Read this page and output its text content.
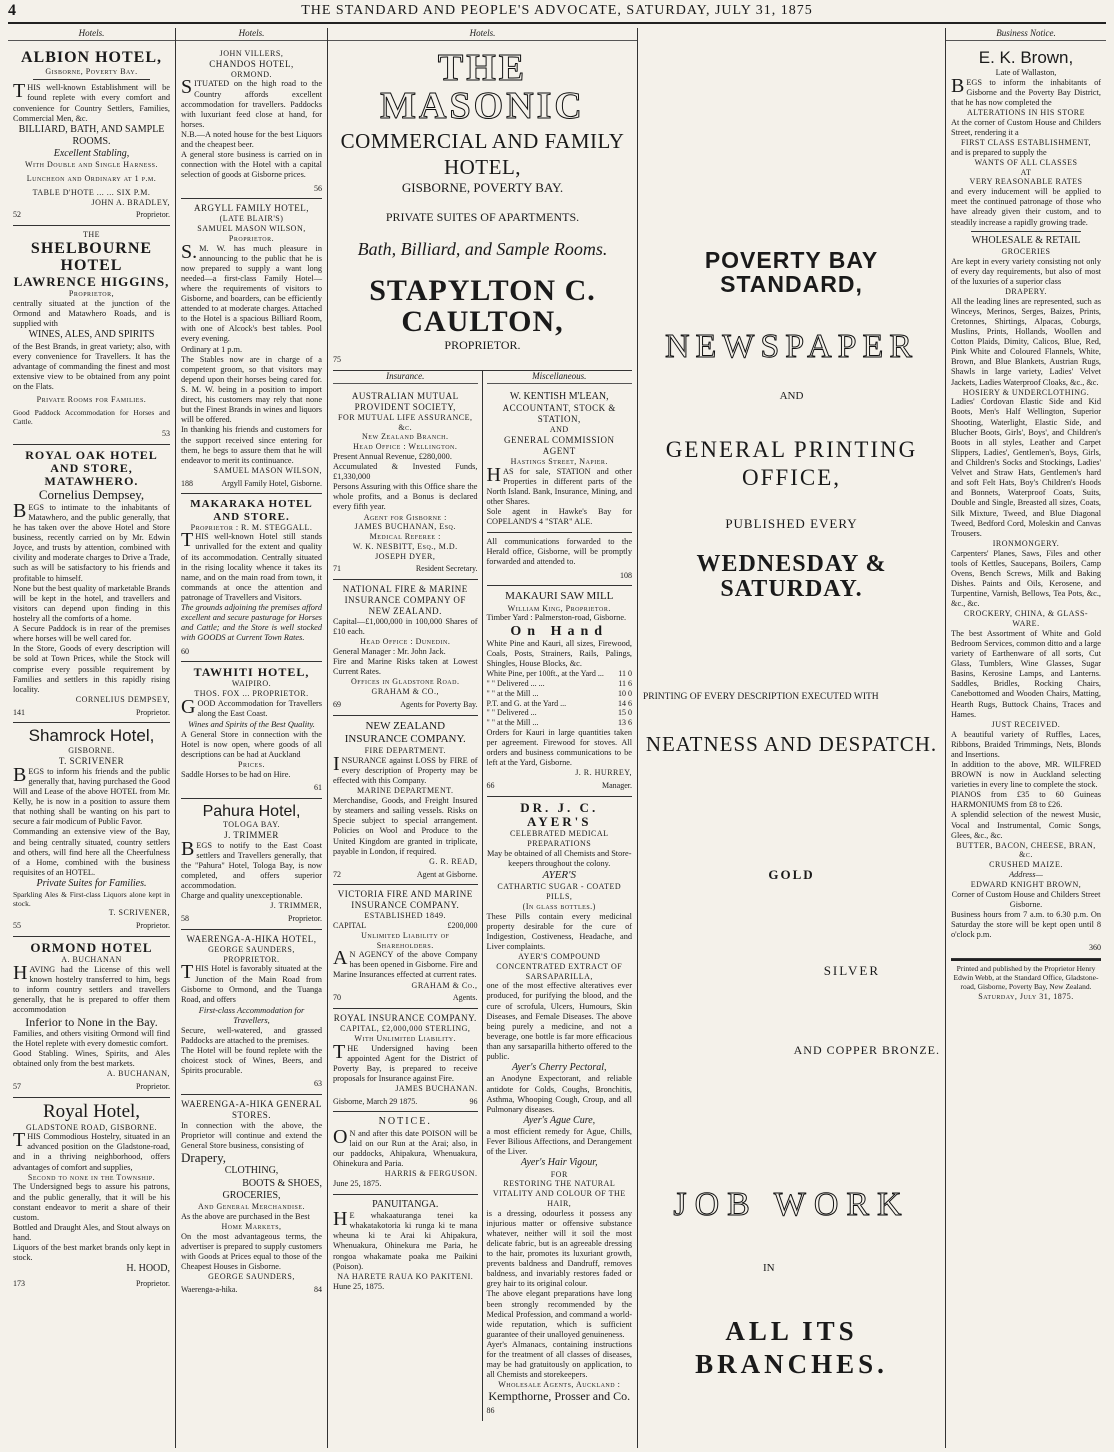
4	THE STANDARD AND PEOPLE'S ADVOCATE, SATURDAY, JULY 31, 1875
Hotels.
ALBION HOTEL,
Gisborne, Poverty Bay.
THIS well-known Establishment will be found replete with every comfort and convenience for Country Settlers, Families, Commercial Men, &c.
BILLIARD, BATH, AND SAMPLE ROOMS.
Excellent Stabling,
With Double and Single Harness.
Luncheon and Ordinary at 1 p.m.
TABLE D'HOTE ... ... SIX P.M.
JOHN A. BRADLEY,
52	Proprietor.
THE
SHELBOURNE HOTEL
LAWRENCE HIGGINS,
Proprietor,
centrally situated at the junction of the Ormond and Matawhero Roads, and is supplied with
WINES, ALES, AND SPIRITS
of the Best Brands, in great variety; also, with every convenience for Travellers. It has the advantage of commanding the finest and most extensive view to be obtained from any point on the Flats.
Private Rooms for Families.
Good Paddock Accommodation for Horses and Cattle.
53
ROYAL OAK HOTEL AND STORE, MATAWHERO.
Cornelius Dempsey,
BEGS to intimate to the inhabitants of Matawhero, and the public generally, that he has taken over the above Hotel and Store business, recently carried on by Mr. Edwin Joyce, and trusts by attention, combined with civility and moderate charges to Drive a Trade, such as will be satisfactory to his friends and profitable to himself.
None but the best quality of marketable Brands will be kept in the hotel, and travellers and visitors can depend upon finding in this hostelry all the comforts of a home.
A Secure Paddock is in rear of the premises where horses will be well cared for.
In the Store, Goods of every description will be sold at Town Prices, while the Stock will comprise every possible requirement by Families and settlers in this rapidly rising locality.
CORNELIUS DEMPSEY,
141	Proprietor.
Shamrock Hotel,
GISBORNE.
T. SCRIVENER
BEGS to inform his friends and the public generally that, having purchased the Good Will and Lease of the above HOTEL from Mr. Kelly, he is now in a position to assure them that nothing shall be wanting on his part to secure a fair modicum of Public Favor.
Commanding an extensive view of the Bay, and being centrally situated, country settlers and others, will find here all the Cheerfulness of a Home, combined with the business requisites of an HOTEL.
Private Suites for Families.
Sparkling Ales & First-class Liquors alone kept in stock.
T. SCRIVENER,
55	Proprietor.
ORMOND HOTEL
A. BUCHANAN
HAVING had the License of this well known hostelry transferred to him, begs to inform country settlers and travellers generally, that he is prepared to offer them accommodation
Inferior to None in the Bay.
Families, and others visiting Ormond will find the Hotel replete with every domestic comfort.
Good Stabling. Wines, Spirits, and Ales obtained only from the best markets.
A. BUCHANAN,
57	Proprietor.
Royal Hotel,
GLADSTONE ROAD, GISBORNE.
THIS Commodious Hostelry, situated in an advanced position on the Gladstone-road, and in a thriving neighborhood, offers advantages of comfort and supplies,
Second to none in the Township.
The Undersigned begs to assure his patrons, and the public generally, that it will be his constant endeavor to merit a share of their custom.
Bottled and Draught Ales, and Stout always on hand.
Liquors of the best market brands only kept in stock.
H. HOOD,
173	Proprietor.
Hotels.
JOHN VILLERS,
CHANDOS HOTEL,
ORMOND.
SITUATED on the high road to the Country affords excellent accommodation for travellers. Paddocks with luxuriant feed close at hand, for horses.
N.B.—A noted house for the best Liquors and the cheapest beer.
A general store business is carried on in connection with the Hotel with a capital selection of goods at Gisborne prices.
56
ARGYLL FAMILY HOTEL,
(LATE BLAIR'S)
SAMUEL MASON WILSON,
Proprietor.
S.M. W. has much pleasure in announcing to the public that he is now prepared to supply a want long needed—a first-class Family Hotel—where the requirements of visitors to Gisborne, and boarders, can be efficiently attended to at moderate charges. Attached to the Hotel is a spacious Billiard Room, with one of Alcock's best tables. Pool every evening.
Ordinary at 1 p.m.
The Stables now are in charge of a competent groom, so that visitors may depend upon their horses being cared for. S. M. W. being in a position to import direct, his customers may rely that none but the Finest Brands in wines and liquors will be offered.
In thanking his friends and customers for the support received since entering for them, he begs to assure them that he will endeavor to merit its continuance.
SAMUEL MASON WILSON,
188	Argyll Family Hotel, Gisborne.
MAKARAKA HOTEL AND STORE.
Proprietor : R. M. STEGGALL.
THIS well-known Hotel still stands unrivalled for the extent and quality of its accommodation. Centrally situated in the rising locality whence it takes its name, and on the main road from town, it commands at once the attention and patronage of Travellers and Visitors.
The grounds adjoining the premises afford excellent and secure pasturage for Horses and Cattle; and the Store is well stocked with GOODS at Current Town Rates.
60
TAWHITI HOTEL,
WAIPIRO.
THOS. FOX ... PROPRIETOR.
GOOD Accommodation for Travellers along the East Coast.
Wines and Spirits of the Best Quality.
A General Store in connection with the Hotel is now open, where goods of all descriptions can be had at Auckland
Prices.
Saddle Horses to be had on Hire.
61
Pahura Hotel,
TOLOGA BAY.
J. TRIMMER
BEGS to notify to the East Coast settlers and Travellers generally, that the "Pahura" Hotel, Tologa Bay, is now completed, and offers superior accommodation.
Charge and quality unexceptionable.
J. TRIMMER,
58	Proprietor.
WAERENGA-A-HIKA HOTEL,
GEORGE SAUNDERS, PROPRIETOR.
THIS Hotel is favorably situated at the Junction of the Main Road from Gisborne to Ormond, and the Tuanga Road, and offers
First-class Accommodation for Travellers,
Secure, well-watered, and grassed Paddocks are attached to the premises.
The Hotel will be found replete with the choicest stock of Wines, Beers, and Spirits procurable.
63
WAERENGA-A-HIKA GENERAL STORES.
In connection with the above, the Proprietor will continue and extend the General Store business, consisting of
Drapery,
CLOTHING,
BOOTS & SHOES,
GROCERIES,
And General Merchandise.
As the above are purchased in the Best
Home Markets,
On the most advantageous terms, the advertiser is prepared to supply customers with Goods at Prices equal to those of the Cheapest Houses in Gisborne.
GEORGE SAUNDERS,
Waerenga-a-hika.	84
Hotels.
THE MASONIC
COMMERCIAL AND FAMILY HOTEL,
GISBORNE, POVERTY BAY.
PRIVATE SUITES OF APARTMENTS.
Bath, Billiard, and Sample Rooms.
STAPYLTON C. CAULTON,
PROPRIETOR.
75
Insurance.
AUSTRALIAN MUTUAL PROVIDENT SOCIETY,
FOR MUTUAL LIFE ASSURANCE, &c.
New Zealand Branch.
Head Office : Wellington.
Present Annual Revenue, £280,000.
Accumulated & Invested Funds, £1,330,000
Persons Assuring with this Office share the whole profits, and a Bonus is declared every fifth year.
Agent for Gisborne :
JAMES BUCHANAN, Esq.
Medical Referee :
W. K. NESBITT, Esq., M.D.
JOSEPH DYER,
71	Resident Secretary.
NATIONAL FIRE & MARINE INSURANCE COMPANY OF NEW ZEALAND.
Capital—£1,000,000 in 100,000 Shares of £10 each.
Head Office : Dunedin.
General Manager : Mr. John Jack.
Fire and Marine Risks taken at Lowest Current Rates.
Offices in Gladstone Road.
GRAHAM & CO.,
69	Agents for Poverty Bay.
NEW ZEALAND INSURANCE COMPANY.
FIRE DEPARTMENT.
INSURANCE against LOSS by FIRE of every description of Property may be effected with this Company.
MARINE DEPARTMENT.
Merchandise, Goods, and Freight Insured by steamers and sailing vessels. Risks on Specie subject to special arrangement. Policies on Wool and Produce to the United Kingdom are granted in triplicate, payable in London, if required.
G. R. READ,
72	Agent at Gisborne.
VICTORIA FIRE AND MARINE INSURANCE COMPANY.
ESTABLISHED 1849.
CAPITAL	£200,000
Unlimited Liability of Shareholders.
AN AGENCY of the above Company has been opened in Gisborne. Fire and Marine Insurances effected at current rates.
GRAHAM & Co.,
70	Agents.
ROYAL INSURANCE COMPANY.
CAPITAL, £2,000,000 STERLING,
With Unlimited Liability.
THE Undersigned having been appointed Agent for the District of Poverty Bay, is prepared to receive proposals for Insurance against Fire.
JAMES BUCHANAN.
Gisborne, March 29 1875.	96
NOTICE.
ON and after this date POISON will be laid on our Run at the Arai; also, in our paddocks, Ahipakura, Whenuakura, Ohinekura and Paria.
HARRIS & FERGUSON.
June 25, 1875.
PANUITANGA.
HE whakaaturanga tenei ka whakatakotoria ki runga ki te mana wheuna ki te Arai ki Ahipakura, Whenuakura, Ohinekura me Paria, he rongoa whakamate poaka me Paikini (Poison).
NA HARETE RAUA KO PAKITENI.
Hune 25, 1875.
Miscellaneous.
W. KENTISH M'LEAN,
ACCOUNTANT, STOCK & STATION,
AND
GENERAL COMMISSION AGENT
Hastings Street, Napier.
HAS for sale, STATION and other Properties in different parts of the North Island. Bank, Insurance, Mining, and other Shares.
Sole agent in Hawke's Bay for COPELAND'S 4 "STAR" ALE.
All communications forwarded to the Herald office, Gisborne, will be promptly forwarded and attended to.
108
MAKAURI SAW MILL
William King, Proprietor.
Timber Yard : Palmerston-road, Gisborne.
On Hand
White Pine and Kauri, all sizes, Firewood, Coals, Posts, Strainers, Rails, Palings, Shingles, House Blocks, &c.
White Pine, per 100ft., at the Yard ... 11 0
" " Delivered ... ...	11 6
" " at the Mill ...	10 0
P.T. and G. at the Yard ...	14 6
" " Delivered ...	15 0
" " at the Mill ...	13 6
Orders for Kauri in large quantities taken per agreement. Firewood for stoves. All orders and business communications to be left at the Yard, Gisborne.
J. R. HURREY,
66	Manager.
DR. J. C. AYER'S
CELEBRATED MEDICAL PREPARATIONS
May be obtained of all Chemists and Store-keepers throughout the colony.
AYER'S
CATHARTIC SUGAR - COATED PILLS,
(In glass bottles.)
These Pills contain every medicinal property desirable for the cure of Indigestion, Costiveness, Headache, and Liver complaints.
AYER'S COMPOUND CONCENTRATED EXTRACT OF SARSAPARILLA,
one of the most effective alteratives ever produced, for purifying the blood, and the cure of scrofula, Ulcers, Humours, Skin Diseases, and Female Diseases. The above being purely a medicine, and not a beverage, one bottle is far more efficacious than any sarsaparilla hitherto offered to the public.
Ayer's Cherry Pectoral,
an Anodyne Expectorant, and reliable antidote for Colds, Coughs, Bronchitis, Asthma, Whooping Cough, Croup, and all Pulmonary diseases.
Ayer's Ague Cure,
a most efficient remedy for Ague, Chills, Fever Bilious Affections, and Derangement of the Liver.
Ayer's Hair Vigour,
FOR
RESTORING THE NATURAL VITALITY AND COLOUR OF THE HAIR,
is a dressing, odourless it possess any injurious matter or offensive substance whatever, neither will it soil the most delicate fabric, but is an agreeable dressing to the hair, promotes its luxuriant growth, prevents baldness and Dandruff, removes baldness, and invariably restores faded or grey hair to its original colour.
The above elegant preparations have long been strongly recommended by the Medical Profession, and command a world-wide reputation, which is sufficient guarantee of their unalloyed genuineness.
Ayer's Almanacs, containing instructions for the treatment of all classes of diseases, may be had gratuitously on application, to all Chemists and storekeepers.
Wholesale Agents, Auckland :
Kempthorne, Prosser and Co.
86
POVERTY BAY STANDARD,
NEWSPAPER
AND
GENERAL PRINTING OFFICE,
PUBLISHED EVERY
WEDNESDAY & SATURDAY.
PRINTING OF EVERY DESCRIPTION EXECUTED WITH
NEATNESS AND DESPATCH.
GOLD
SILVER
AND COPPER BRONZE.
JOB WORK
IN
ALL ITS BRANCHES.
Business Notice.
E. K. Brown,
Late of Wallaston,
BEGS to inform the inhabitants of Gisborne and the Poverty Bay District, that he has now completed the
ALTERATIONS IN HIS STORE
At the corner of Custom House and Childers Street, rendering it a
FIRST CLASS ESTABLISHMENT,
and is prepared to supply the
WANTS OF ALL CLASSES
AT
VERY REASONABLE RATES
and every inducement will be applied to meet the continued patronage of those who have already given their custom, and to steadily increase a rapidly growing trade.
WHOLESALE & RETAIL
GROCERIES
Are kept in every variety consisting not only of every day requirements, but also of most of the luxuries of a superior class
DRAPERY.
All the leading lines are represented, such as Winceys, Merinos, Serges, Baizes, Prints, Cretonnes, Shirtings, Alpacas, Coburgs, Muslins, Prints, Hollands, Woollen and Cotton Plaids, Dimity, Calicos, Blue, Red, Pink White and Coloured Flannels, White, Brown, and Blue Blankets, Austrian Rugs, Shawls in large variety, Ladies' Velvet Jackets, Ladies Waterproof Cloaks, &c., &c.
HOSIERY & UNDERCLOTHING.
Ladies' Cordovan Elastic Side and Kid Boots, Men's Half Wellington, Superior Shooting, Waterlight, Elastic Side, and Blucher Boots, Girls', Boys', and Children's Boots in all styles, Leather and Carpet Slippers, Ladies', Gentlemen's, Boys, Girls, and Children's Socks and Stockings, Ladies' Velvet and Straw Hats, Gentlemen's hard and soft Felt Hats, Boy's Children's Hoods and Bonnets, Waterproof Coats, Suits, Double and Single, Breasted all sizes, Coats, Silk Mixture, Tweed, and Blue Diagonal Tweed, Bedford Cord, Moleskin and Canvas Trousers.
IRONMONGERY.
Carpenters' Planes, Saws, Files and other tools of Kettles, Saucepans, Boilers, Camp Ovens, Bench Screws, Milk and Baking Dishes. Paints and Oils, Kerosene, and Turpentine, Varnish, Bellows, Tea Pots, &c., &c., &c.
CROCKERY, CHINA, & GLASS-WARE.
The best Assortment of White and Gold Bedroom Services, common ditto and a large variety of Earthenware of all sorts, Cut Glass, Tumblers, Wine Glasses, Sugar Basins, Kerosine Lamps, and Lanterns. Saddles, Bridles, Rocking Chairs, Canebottomed and Wooden Chairs, Matting, Hearth Rugs, Buttock Chains, Traces and Hames.
JUST RECEIVED.
A beautiful variety of Ruffles, Laces, Ribbons, Braided Trimmings, Nets, Blonds and Insertions.
In addition to the above, MR. WILFRED BROWN is now in Auckland selecting varieties in every line to complete the stock.
PIANOS from £35 to 60 Guineas HARMONIUMS from £8 to £26.
A splendid selection of the newest Music, Vocal and Instrumental, Comic Songs, Glees, &c., &c.
BUTTER, BACON, CHEESE, BRAN, &c.
CRUSHED MAIZE.
Address—
EDWARD KNIGHT BROWN,
Corner of Custom House and Childers Street Gisborne.
Business hours from 7 a.m. to 6.30 p.m. On Saturday the store will be kept open until 8 o'clock p.m.
360
Printed and published by the Proprietor Henry Edwin Webb, at the Standard Office, Gladstone-road, Gisborne, Poverty Bay, New Zealand.
Saturday, July 31, 1875.
